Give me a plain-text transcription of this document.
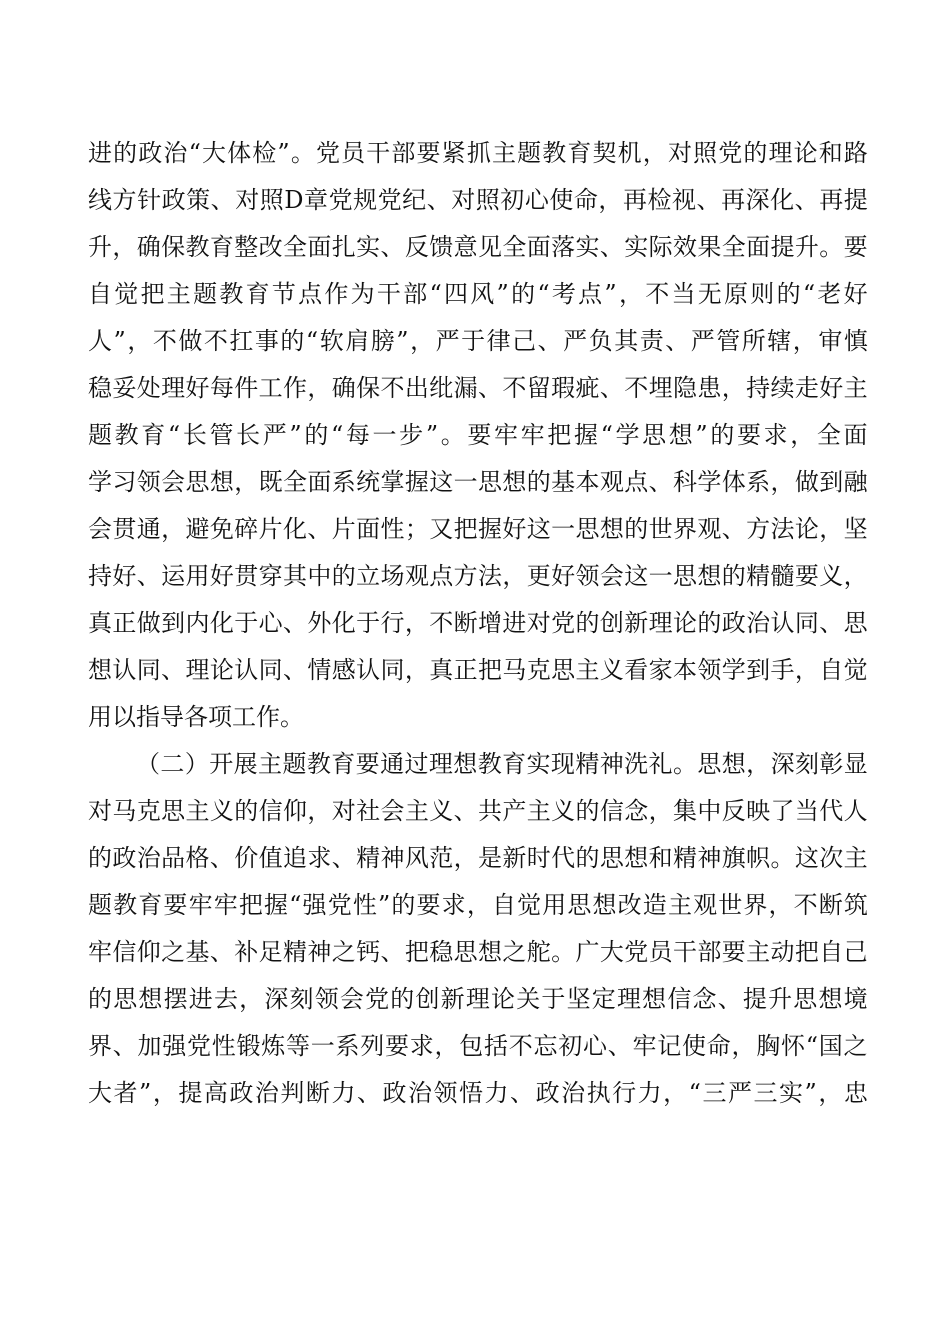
进 的 政 治 “ 大 体 检 ” 。 党 员 干 部 要 紧 抓 主 题 教 育 契 机 ， 对 照 党 的 理 论 和 路
线 方 针 政 策 、 对 照 D 章 党 规 党 纪 、 对 照 初 心 使 命 ， 再 检 视 、 再 深 化 、 再 提
升 ， 确 保 教 育 整 改 全 面 扎 实 、 反 馈 意 见 全 面 落 实 、 实 际 效 果 全 面 提 升 。 要
自 觉 把 主 题 教 育 节 点 作 为 干 部 “ 四 风 ” 的 “ 考 点 ” ， 不 当 无 原 则 的 “ 老 好
人 ” ， 不 做 不 扛 事 的 “ 软 肩 膀 ” ， 严 于 律 己 、 严 负 其 责 、 严 管 所 辖 ， 审 慎
稳 妥 处 理 好 每 件 工 作 ， 确 保 不 出 纰 漏 、 不 留 瑕 疵 、 不 埋 隐 患 ， 持 续 走 好 主
题 教 育 “ 长 管 长 严 ” 的 “ 每 一 步 ” 。 要 牢 牢 把 握 “ 学 思 想 ” 的 要 求 ， 全 面
学 习 领 会 思 想 ， 既 全 面 系 统 掌 握 这 一 思 想 的 基 本 观 点 、 科 学 体 系 ， 做 到 融
会 贯 通 ， 避 免 碎 片 化 、 片 面 性 ； 又 把 握 好 这 一 思 想 的 世 界 观 、 方 法 论 ， 坚
持 好 、 运 用 好 贯 穿 其 中 的 立 场 观 点 方 法 ， 更 好 领 会 这 一 思 想 的 精 髓 要 义 ，
真 正 做 到 内 化 于 心 、 外 化 于 行 ， 不 断 增 进 对 党 的 创 新 理 论 的 政 治 认 同 、 思
想 认 同 、 理 论 认 同 、 情 感 认 同 ， 真 正 把 马 克 思 主 义 看 家 本 领 学 到 手 ， 自 觉
用以指导各项工作。
（ 二 ） 开 展 主 题 教 育 要 通 过 理 想 教 育 实 现 精 神 洗 礼 。 思 想 ， 深 刻 彰 显
对 马 克 思 主 义 的 信 仰 ， 对 社 会 主 义 、 共 产 主 义 的 信 念 ， 集 中 反 映 了 当 代 人
的 政 治 品 格 、 价 值 追 求 、 精 神 风 范 ， 是 新 时 代 的 思 想 和 精 神 旗 帜 。 这 次 主
题 教 育 要 牢 牢 把 握 “ 强 党 性 ” 的 要 求 ， 自 觉 用 思 想 改 造 主 观 世 界 ， 不 断 筑
牢 信 仰 之 基 、 补 足 精 神 之 钙 、 把 稳 思 想 之 舵 。 广 大 党 员 干 部 要 主 动 把 自 己
的 思 想 摆 进 去 ， 深 刻 领 会 党 的 创 新 理 论 关 于 坚 定 理 想 信 念 、 提 升 思 想 境
界 、 加 强 党 性 锻 炼 等 一 系 列 要 求 ， 包 括 不 忘 初 心 、 牢 记 使 命 ， 胸 怀 “ 国 之
大 者 ” ， 提 高 政 治 判 断 力 、 政 治 领 悟 力 、 政 治 执 行 力 ， “ 三 严 三 实 ” ， 忠
